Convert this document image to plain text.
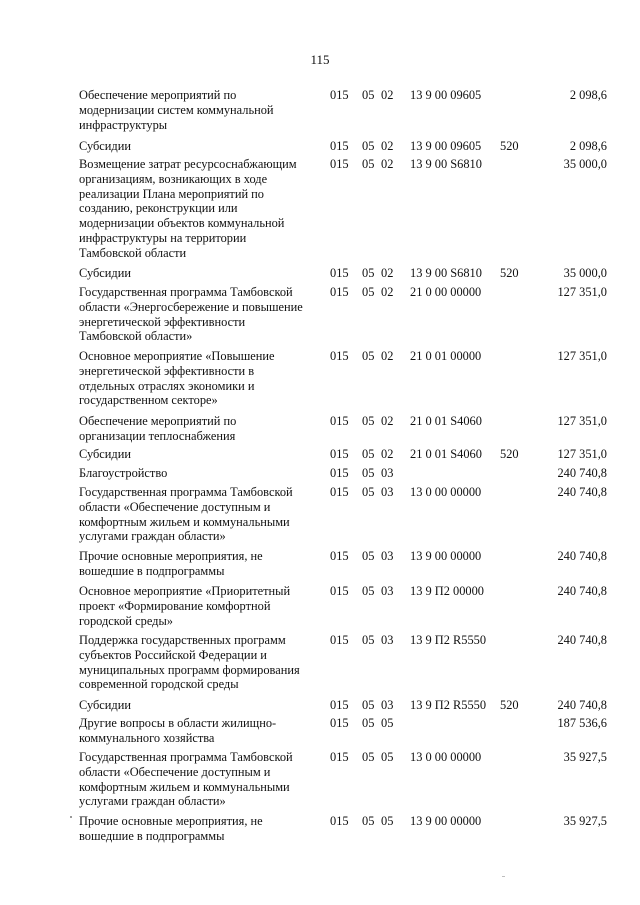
115
Обеспечение мероприятий по
модернизации систем коммунальной
инфраструктуры
015 05 02 13 9 00 09605	2 098,6
Субсидии	015 05 02 13 9 00 09605 520	2 098,6
Возмещение затрат ресурсоснабжающим
организациям, возникающих в ходе
реализации Плана мероприятий по
созданию, реконструкции или
модернизации объектов коммунальной
инфраструктуры на территории
Тамбовской области
015 05 02 13 9 00 S6810	35 000,0
Субсидии	015 05 02 13 9 00 S6810 520	35 000,0
Государственная программа Тамбовской
области «Энергосбережение и повышение
энергетической эффективности
Тамбовской области»
015 05 02 21 0 00 00000	127 351,0
Основное мероприятие «Повышение
энергетической эффективности в
отдельных отраслях экономики и
государственном секторе»
015 05 02 21 0 01 00000	127 351,0
Обеспечение мероприятий по
организации теплоснабжения
015 05 02 21 0 01 S4060	127 351,0
Субсидии	015 05 02 21 0 01 S4060 520	127 351,0
Благоустройство	015 05 03	240 740,8
Государственная программа Тамбовской
области «Обеспечение доступным и
комфортным жильем и коммунальными
услугами граждан области»
015 05 03 13 0 00 00000	240 740,8
Прочие основные мероприятия, не
вошедшие в подпрограммы
015 05 03 13 9 00 00000	240 740,8
Основное мероприятие «Приоритетный
проект «Формирование комфортной
городской среды»
015 05 03 13 9 П2 00000	240 740,8
Поддержка государственных программ
субъектов Российской Федерации и
муниципальных программ формирования
современной городской среды
015 05 03 13 9 П2 R5550	240 740,8
Субсидии	015 05 03 13 9 П2 R5550 520	240 740,8
Другие вопросы в области жилищно-
коммунального хозяйства
015 05 05	187 536,6
Государственная программа Тамбовской
области «Обеспечение доступным и
комфортным жильем и коммунальными
услугами граждан области»
015 05 05 13 0 00 00000	35 927,5
Прочие основные мероприятия, не
вошедшие в подпрограммы
015 05 05 13 9 00 00000	35 927,5
